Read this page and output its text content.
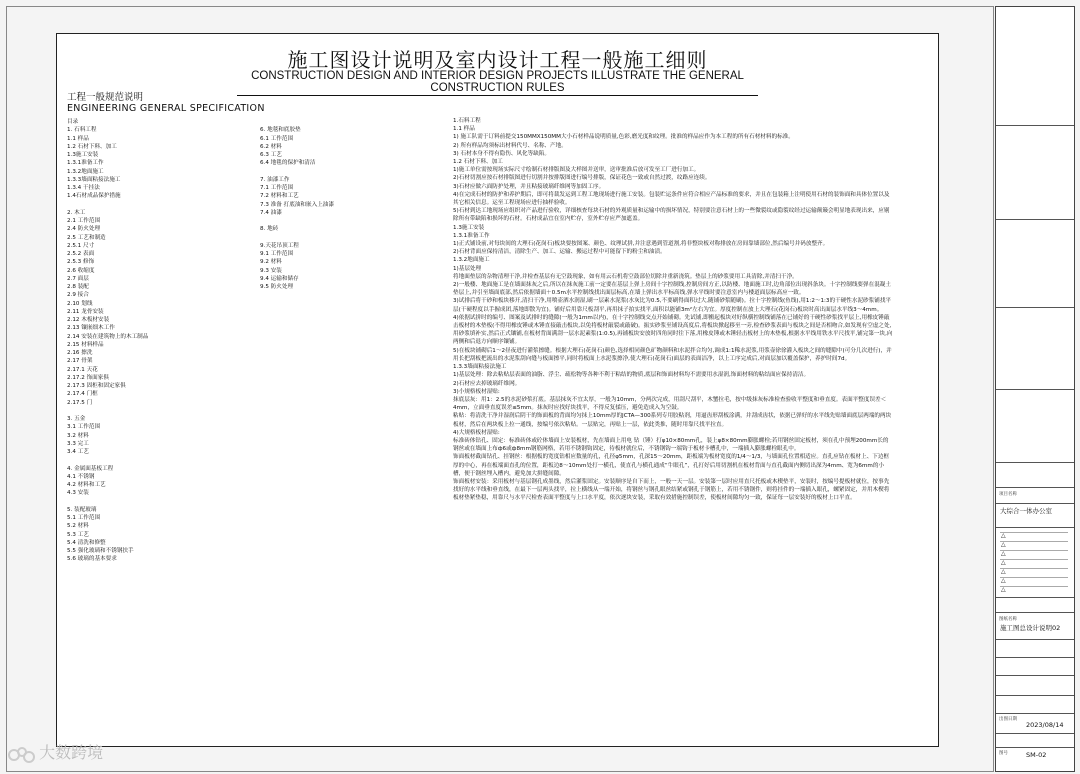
施工图设计说明及室内设计工程一般施工细则
CONSTRUCTION DESIGN AND INTERIOR DESIGN PROJECTS ILLUSTRATE THE GENERAL CONSTRUCTION RULES
工程一般规范说明
ENGINEERING GENERAL SPECIFICATION
目录
1. 石料工程
1.1 样品
1.2 石材下料、加工
1.3施工安装
1.3.1准备工作
1.3.2地面施工
1.3.3墙面粘接法施工
1.3.4 干挂法
1.4石材成品保护措施
2. 木工
2.1 工作范围
2.4 防火处理
2.5 工艺和制造
2.5.1 尺寸
2.5.2 表面
2.5.3 修饰
2.6 收缩度
2.7 面层
2.8 装配
2.9 接合
2.10 划线
2.11 龙骨安装
2.12 木板材安装
2.13 镶嵌细木工作
2.14 安装在建筑物上的木工制品
2.15 材料样品
2.16 擦洗
2.17 骨架
2.17.1 天花
2.17.2 饰面家俱
2.17.3 固柜和固定家俱
2.17.4 门框
2.17.5 门
3. 五金
3.1 工作范围
3.2 材料
3.3 完工
3.4 工艺
4. 金属面基板工程
4.1 不锈钢
4.2 材料和工艺
4.3 安装
5. 装配玻璃
5.1 工作范围
5.2 材料
5.3 工艺
5.4 清洗和修整
5.5 强化玻璃和不锈钢扶手
5.6 玻璃的基本要求
6. 地毯和底胶垫
6.1 工作范围
6.2 材料
6.3 工艺
6.4 地毯的保护和清洁
7. 油漆工作
7.1 工作范围
7.2 材料和工艺
7.3 准备 打底油和嵌入上油漆
7.4 油漆
8. 地砖
9.天花吊顶工程
9.1 工作范围
9.2 材料
9.3 安装
9.4 运输和储存
9.5 防火处理
1.石料工程
1.1 样品
1) 施工队需于订料前提交150MMX150MM大小石材样品说明质量,色彩,磨光度和纹理。批准的样品应作为本工程的所有石材材料的标准。
2) 所有样品均须标出材料代号、名称、产地。
3) 石材本身不得有隐伤、风化等缺陷。
1.2 石材下料、加工
1)施工单位需按现场实际尺寸绘制石材排版图及大样图并送审，送审批准后放可发至工厂进行加工。
2)石材切割应按石材排版图进行切割并按排版图进行编号排版，保证花色一致或自然过渡，纹路应连续。
3)石材应做六面防护处理，并且粘接玻璃纤维网等加固工序。
4)在完成石材的防护和养护期后，即可将裁发运到工程工地现场进行施工安装。包装贮运条件应符合相应产品标准的要求，并且在包装箱上注明使用石材的装饰面和具体位置以及其它相关信息。运至工程现场应进行抽样验收。
5)石材到达工地现场应组织对产品进行验收，详细核查每块石材的外观质量和运输中的损坏情况，特别要注意石材上的一些微裂纹或隐裂纹经过运输颠簸会明显地表现出来，应剔除所有带缺陷和损坏的石材。石材成品宜在室内贮存，室外贮存应严加遮盖。
1.3施工安装
1.3.1准备工作
1)正式铺设前,对每块间的大理石(花岗石)板块要按图案、颜色、纹理试拼,并注意遇到管道割,将非整块板对称排放在房间靠墙部位,然后编号并码放整齐。
2)石材背面应保持清洁，清除生产、加工、运输、搬运过程中可能留下的粉尘和油渍。
1.3.2地面施工
1)基层处理
将地面垫层的杂物清理干净,并检查基层有无空鼓现象，如有用云石机将空鼓部位切除并重新浇筑。垫层上的砂浆要用工具清除,并清扫干净。
2)一般楼、地面施工是在墙面抹灰之后,所以在抹灰施工前一定要在基层上弹上房间十字控制线,控制房间方正,以防楼、地面施工时,边角部位出现斜条块。十字控制线要弹在混凝土垫层上,并引至墙面底部,然后依据墙面＋0.5m水平控制线找出面层标高,在墙上弹出水平标高线,弹水平线时要注意室内与楼道面层标高应一致。
3)试排后将干砂和板块移开,清扫干净,用喷壶洒水润湿,刷一层素水泥浆(水灰比为0.5,不要刷得面积过大,随铺砂浆随刷)。拉十字控制线(鱼线),用1:2～1:3的干硬性水泥砂浆铺找平层(干硬程度以手握成团,落地即散为宜)。铺好后用靠尺板刮平,再用抹子拍实找平,面积以能铺3m²左右为宜。厚度控制在放上大理石(花岗石)板块时高出面层水平线3～4mm。
4)依据试拼时的编号、图案及试排时的缝隙(一般为1mm以内)，在十字控制线交点开始铺砌。先试铺,即搬起板块对好纵横控制线铺落在已铺好的干硬性砂浆找平层上,用橡皮锤敲击板材的木垫板(不得用橡皮锤或木锤直接敲击板块,以免将板材敲裂或敲破)。振实砂浆至铺设高度后,将板块掀起移至一旁,检查砂浆表面与板块之间是否相吻合,如发现有空虚之处,用砂浆填补实,然后正式镶铺,在板材背面满刮一层水泥素浆(1:0.5),再铺板块安放时四角同时往下落,用橡皮锤或木锤轻击板材上的木垫板,根据水平线用铁水平尺找平,铺完第一块,向两侧和后退方向顺序镶铺。
5)在板块铺砌后1～2昼夜进行灌浆擦缝。根据大理石(花岗石)颜色,选择相同颜色矿物颜料和水泥拌合均匀,调成1:1稀水泥浆,用浆壶徐徐灌入板块之间的缝隙中(可分几次进行)，并用长把刮板把流出的水泥浆刮向缝与板面擦平,同时将板面上水泥浆擦净,使大理石(花岗石)面层的表面洁净，以上工序完成后,对面层加以覆盖保护，养护时间7d。
1.3.3墙面粘接法施工
1)基层处理：除去粘贴层表面的油脂、浮尘、疏松物等各种不利于粘结的物质,底层和饰面材料均不需要用水湿润,饰面材料的粘结面应保持清洁。
2)石材应去掉玻璃纤维网。
3)小规格板材湿贴:
抹底层灰：用1：2.5的水泥砂浆打底。基层抹灰不宜太厚，一般为10mm，分两次完成，用刮尺刮平，木蟹拉毛，按中级抹灰标准检查验收平整度和垂直度。表面平整度误差＜4mm，立面垂直度误差≤5mm。抹灰时应找好块找平，不得反复揉压，避免造成入为空鼓。
粘贴：将清洗干净并湿润后阴干的饰面板的背面均匀抹上10mm厚的JCTA—300系列专用胶粘剂，用逼齿形刮板涂满，并刮成齿状，依据已弹好的水平线先贴墙面底层两端的两块板材，然后在两块板上拉一通线，按编号依次粘贴。一层贴完，再贴上一层，依此类推，随时用靠尺找平拉直。
4)大规格板材湿贴:
标准砖体钻孔、固定：标准砖体或砼体墙面上安装板材，先在墙面上用电 钻（锤）打φ10×80mm孔，装上φ8×80mm膨胀螺栓;若用钢丝固定板材，须在孔中预埋200mm长的钢丝或在墙面上布ф6或ф8mm钢筋网格，若用不锈钢钩固定，待板材就位后，不锈钢钩一端钩于板材卡槽孔中，一端插入膨胀螺栓眼孔中。
饰面板材截面钻孔、挂钢丝：根据板的宽度钻相应数量的孔，孔径φ5mm，孔深15～20mm，距板端为板材宽度的1/4～1/3，与墙面孔位置相适应。直孔应钻在板材上、下边框厚的中心，再在板端面直孔的位置，距板边8～10mm处打一横孔，使直孔与横孔通成“牛眼孔”，孔打好后用切割机在板材背面与直孔截面内侧切出深为4mm、宽为6mm的小槽，便于钢丝埋入槽内，避免加大拼缝间隙。
饰面板材安装：采用板材与基层钢孔成墨线，然后灌浆固定。安装顺序是自下而上，一般一天一层。安装第一层时应用直尺托板或木楔垫平，安装时，按编号提板材就位，按事先找好的水平线和垂直线，在最下一层两头找平，拉上横线从一端开始，将钢丝与钢孔眼丝结紧或钢孔于钢筋上，若用不锈钢件，则将挂件的一端插入眼孔，螺紧固定，并用木楔将板材垫紧垫稳，用靠尺与水平尺检查表面平整度与上口水平度，依次逐块安装，采取有效措施控制误差，使板材间隙均匀一致，保证每一层安装好的板材上口平直。
项目名称
大综合一体办公室
△
△
△
△
△
△
△
图纸名称
施工图总设计说明02
出图日期
2023/08/14
图号	SM-02
大数跨境
